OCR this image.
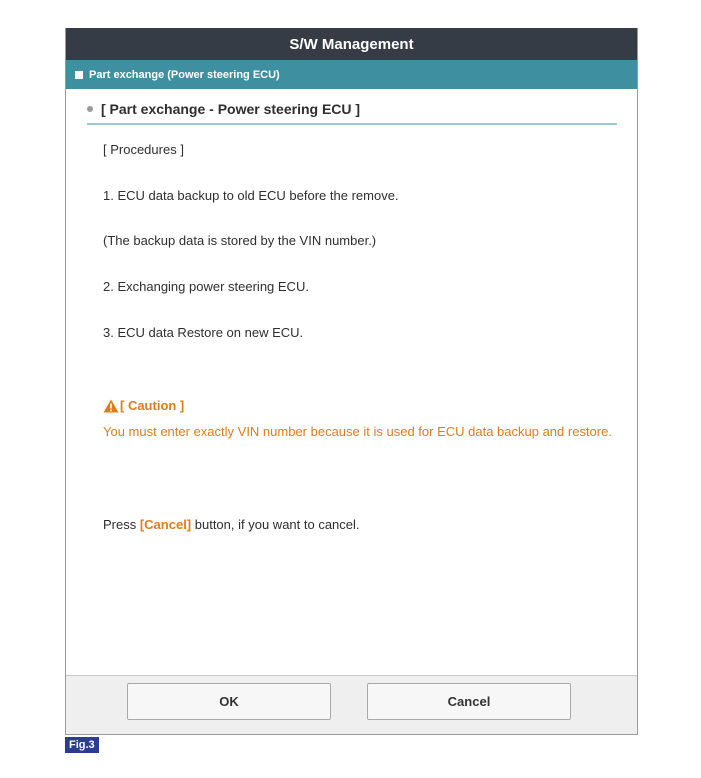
S/W Management
Part exchange (Power steering ECU)
[ Part exchange - Power steering ECU ]
[ Procedures ]
1. ECU data backup to old ECU before the remove.
(The backup data is stored by the VIN number.)
2. Exchanging power steering ECU.
3. ECU data Restore on new ECU.
[ Caution ]
You must enter exactly VIN number because it is used for ECU data backup and restore.
Press [Cancel] button, if you want to cancel.
OK	Cancel
Fig.3
